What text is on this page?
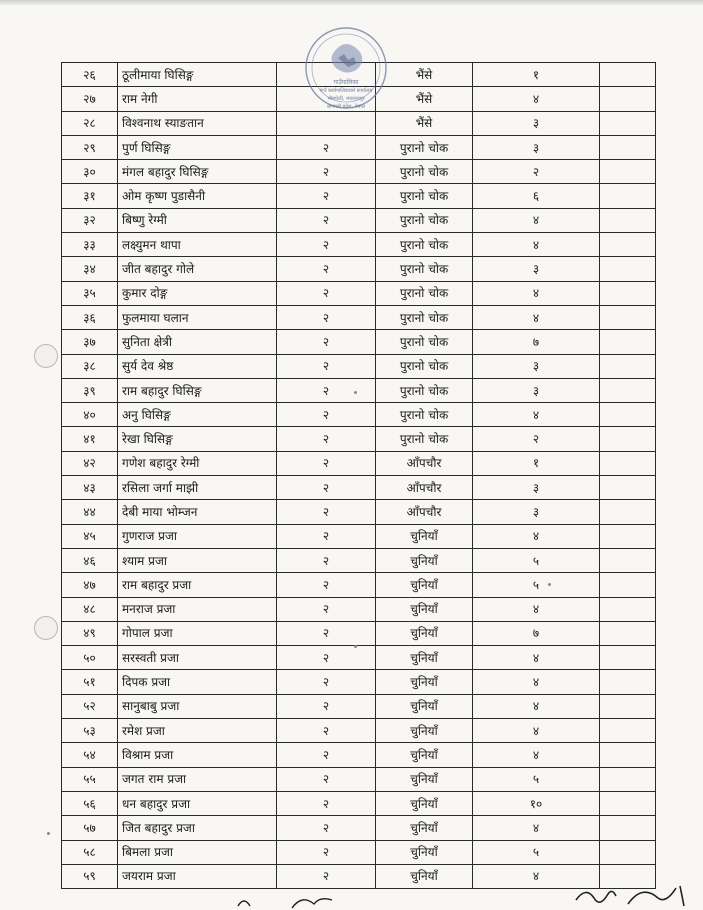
२६	ठूलीमाया घिसिङ्ग		भैंसे	१	
२७	राम नेगी		भैंसे	४	
२८	विश्वनाथ स्याङतान		भैंसे	३	
२९	पुर्ण घिसिङ्ग	२	पुरानो चोक	३	
३०	मंगल बहादुर घिसिङ्ग	२	पुरानो चोक	२	
३१	ओम कृष्ण पुडासैनी	२	पुरानो चोक	६	
३२	बिष्णु रेग्मी	२	पुरानो चोक	४	
३३	लक्ष्युमन थापा	२	पुरानो चोक	४	
३४	जीत बहादुर गोले	२	पुरानो चोक	३	
३५	कुमार दोङ्ग	२	पुरानो चोक	४	
३६	फुलमाया घलान	२	पुरानो चोक	४	
३७	सुनिता क्षेत्री	२	पुरानो चोक	७	
३८	सुर्य देव श्रेष्ठ	२	पुरानो चोक	३	
३९	राम बहादुर घिसिङ्ग	२	पुरानो चोक	३	
४०	अनु घिसिङ्ग	२	पुरानो चोक	४	
४१	रेखा घिसिङ्ग	२	पुरानो चोक	२	
४२	गणेश बहादुर रेग्मी	२	आँपचौर	१	
४३	रसिला जर्गा माझी	२	आँपचौर	३	
४४	देबी माया भोम्जन	२	आँपचौर	३	
४५	गुणराज प्रजा	२	चुनियाँ	४	
४६	श्याम प्रजा	२	चुनियाँ	५	
४७	राम बहादुर प्रजा	२	चुनियाँ	५	
४८	मनराज प्रजा	२	चुनियाँ	४	
४९	गोपाल प्रजा	२	चुनियाँ	७	
५०	सरस्वती प्रजा	२	चुनियाँ	४	
५१	दिपक प्रजा	२	चुनियाँ	४	
५२	सानुबाबु प्रजा	२	चुनियाँ	४	
५३	रमेश प्रजा	२	चुनियाँ	४	
५४	विश्राम प्रजा	२	चुनियाँ	४	
५५	जगत राम प्रजा	२	चुनियाँ	५	
५६	धन बहादुर प्रजा	२	चुनियाँ	१०	
५७	जित बहादुर प्रजा	२	चुनियाँ	४	
५८	बिमला प्रजा	२	चुनियाँ	५	
५९	जयराम प्रजा	२	चुनियाँ	४	
गाउँपालिका
गाउँ कार्यपालिकाको कार्यालय
भीमफेदी, मकवानपुर
बागमती प्रदेश, नेपाल
